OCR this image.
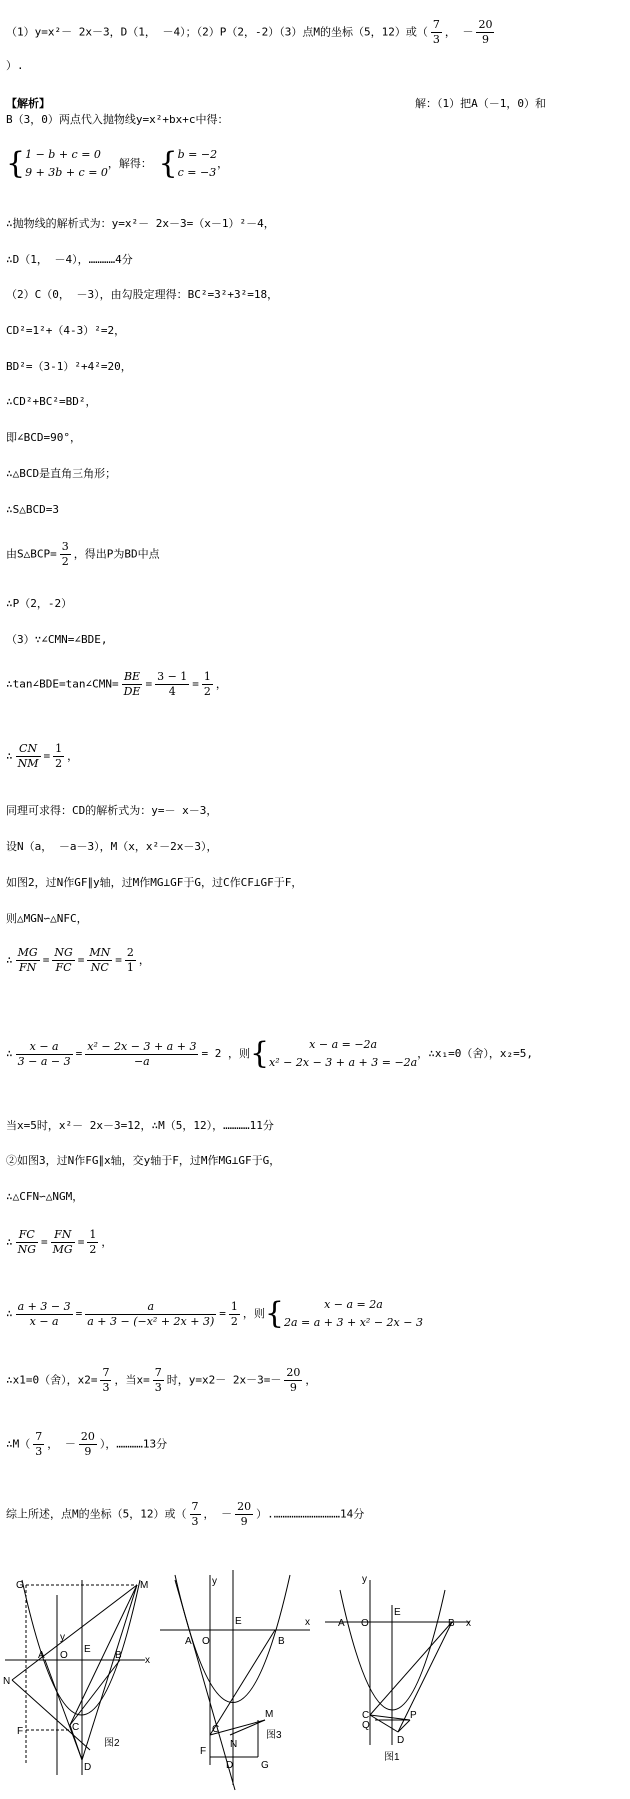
（1）y=x²－ 2x－3，D（1， －4）；（2）P（2，-2）（3）点M的坐标（5，12）或（ $\frac{7}{3}$ ， － $\frac{20}{9}$
）.
【解析】	解：（1）把A（－1，0）和
B（3，0）两点代入抛物线y=x²+bx+c中得：
{ 1 − b + c = 0
9 + 3b + c = 0
，解得： { b = −2
c = −3
，
∴抛物线的解析式为：y=x²－ 2x－3=（x－1）²－4，
∴D（1， －4），…………4分
（2）C（0， －3），由勾股定理得：BC²=3²+3²=18，
CD²=1²+（4-3）²=2，
BD²=（3-1）²+4²=20，
∴CD²+BC²=BD²，
即∠BCD=90°，
∴△BCD是直角三角形；
∴S△BCD=3
由S△BCP= $\frac{3}{2}$ ，得出P为BD中点
∴P（2，-2）
（3）∵∠CMN=∠BDE,
∴tan∠BDE=tan∠CMN= $\frac{BE}{DE} = \frac{3 - 1}{4} = \frac{1}{2}$ ，
∴ $\frac{CN}{NM} = \frac{1}{2}$ ，
同理可求得：CD的解析式为：y=－ x－3，
设N（a， －a－3），M（x，x²－2x－3），
如图2，过N作GF∥y轴，过M作MG⊥GF于G，过C作CF⊥GF于F，
则△MGN∽△NFC，
∴ $\frac{MG}{FN} = \frac{NG}{FC} = \frac{MN}{NC} = \frac{2}{1}$ ，
∴ $\frac{x - a}{3 - a - 3} = \frac{\text{x² − 2x − 3 + a + 3}}{-a} = 2$ ，则{	x − a = −2a
x² − 2x − 3 + a + 3 = −2a
，∴x₁=0（舍），x₂=5,
当x=5时，x²－ 2x－3=12，∴M（5，12），…………11分
②如图3，过N作FG∥x轴，交y轴于F，过M作MG⊥GF于G，
∴△CFN∽△NGM，
∴ $\frac{FC}{NG} = \frac{FN}{MG} = \frac{1}{2}$ ，
∴ $\frac{a + 3 - 3}{x - a} = \frac{a}{\text{a + 3 − (−x² + 2x + 3)}} = \frac{1}{2}$ ，则{	x − a = 2a
2a = a + 3 + x² − 2x − 3
∴x1=0（舍），$x2= \frac{7}{3}$ ，当$x= \frac{7}{3}$ 时，$y=x2- 2x-3=- \frac{20}{9}$ ，
∴M（ $\frac{7}{3}$ ， － $\frac{20}{9}$ ），…………13分
综上所述，点M的坐标（5，12）或（ $\frac{7}{3}$ ， － $\frac{20}{9}$ ）.…………………………14分
G	M
E
y
x
A O	B
N
C
F
D
图2
y
x
E
A O	B
C
M
N
F
D	G
图3
y
x
E
A O	B
C
Q
P
D
图1
